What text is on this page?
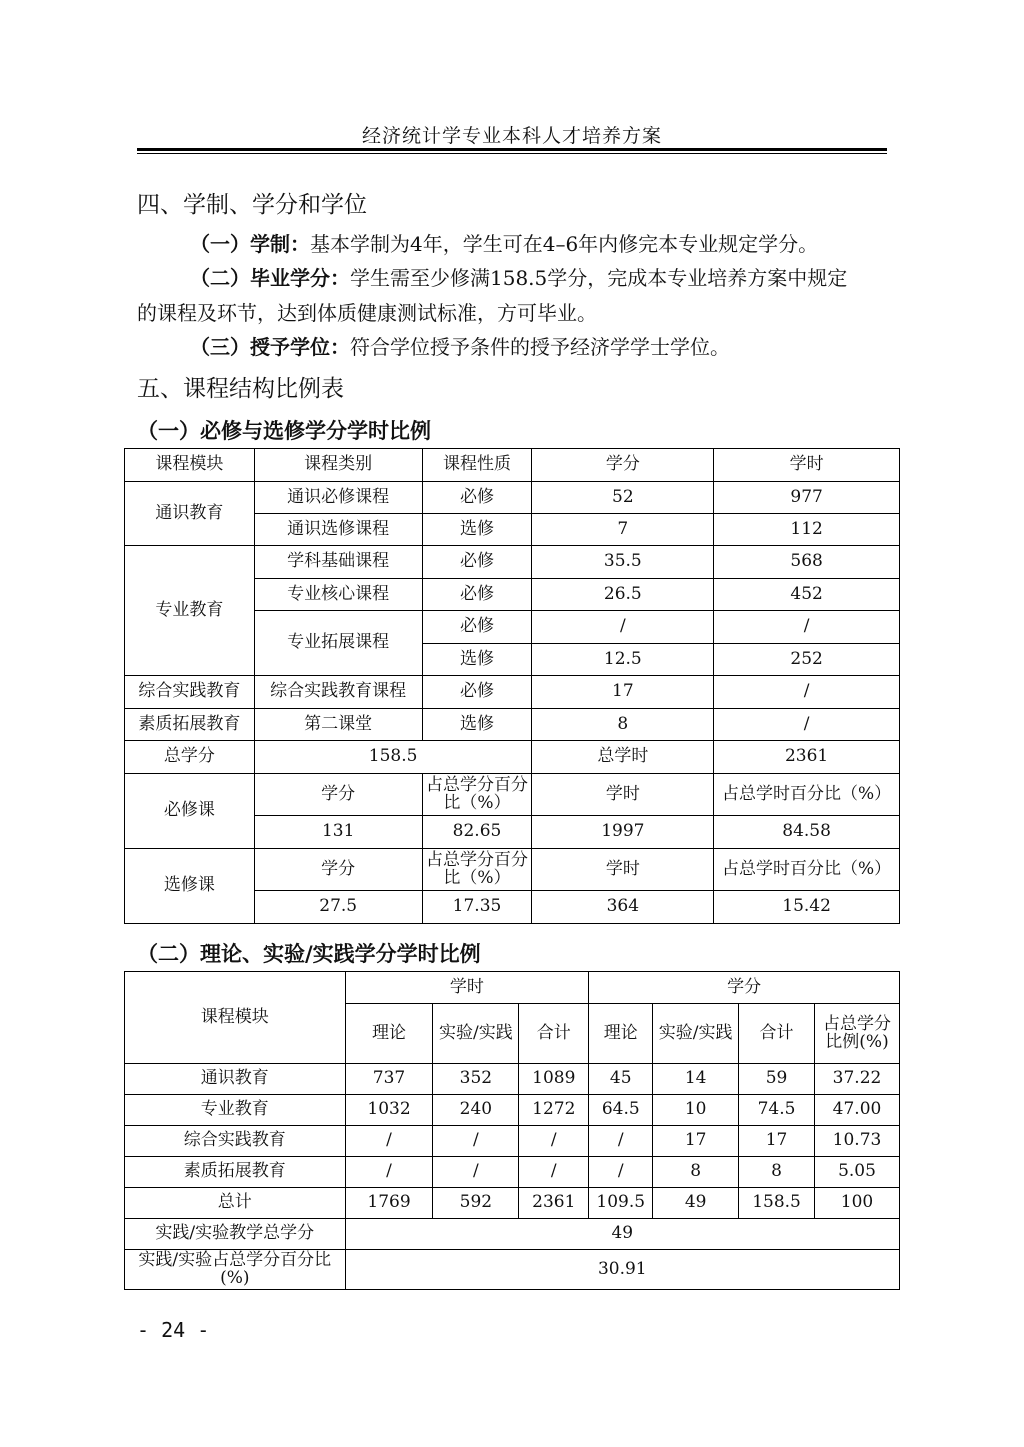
经济统计学专业本科人才培养方案
四、学制、学分和学位
（一）学制：基本学制为4年，学生可在4–6年内修完本专业规定学分。
（二）毕业学分：学生需至少修满158.5学分，完成本专业培养方案中规定
的课程及环节，达到体质健康测试标准，方可毕业。
（三）授予学位：符合学位授予条件的授予经济学学士学位。
五、课程结构比例表
（一）必修与选修学分学时比例
课程模块	课程类别	课程性质	学分	学时
通识教育	通识必修课程	必修	52	977
	通识选修课程	选修	7	112
专业教育	学科基础课程	必修	35.5	568
	专业核心课程	必修	26.5	452
	专业拓展课程	必修	/	/
		选修	12.5	252
综合实践教育	综合实践教育课程	必修	17	/
素质拓展教育	第二课堂	选修	8	/
总学分	158.5		总学时	2361
必修课	学分	占总学分百分比（%）	学时	占总学时百分比（%）
	131	82.65	1997	84.58
选修课	学分	占总学分百分比（%）	学时	占总学时百分比（%）
	27.5	17.35	364	15.42
（二）理论、实验/实践学分学时比例
课程模块	学时			学分			
	理论	实验/实践	合计	理论	实验/实践	合计	占总学分比例(%)
通识教育	737	352	1089	45	14	59	37.22
专业教育	1032	240	1272	64.5	10	74.5	47.00
综合实践教育	/	/	/	/	17	17	10.73
素质拓展教育	/	/	/	/	8	8	5.05
总计	1769	592	2361	109.5	49	158.5	100
实践/实验教学总学分	49						
实践/实验占总学分百分比(%)	30.91						
- 24 -
